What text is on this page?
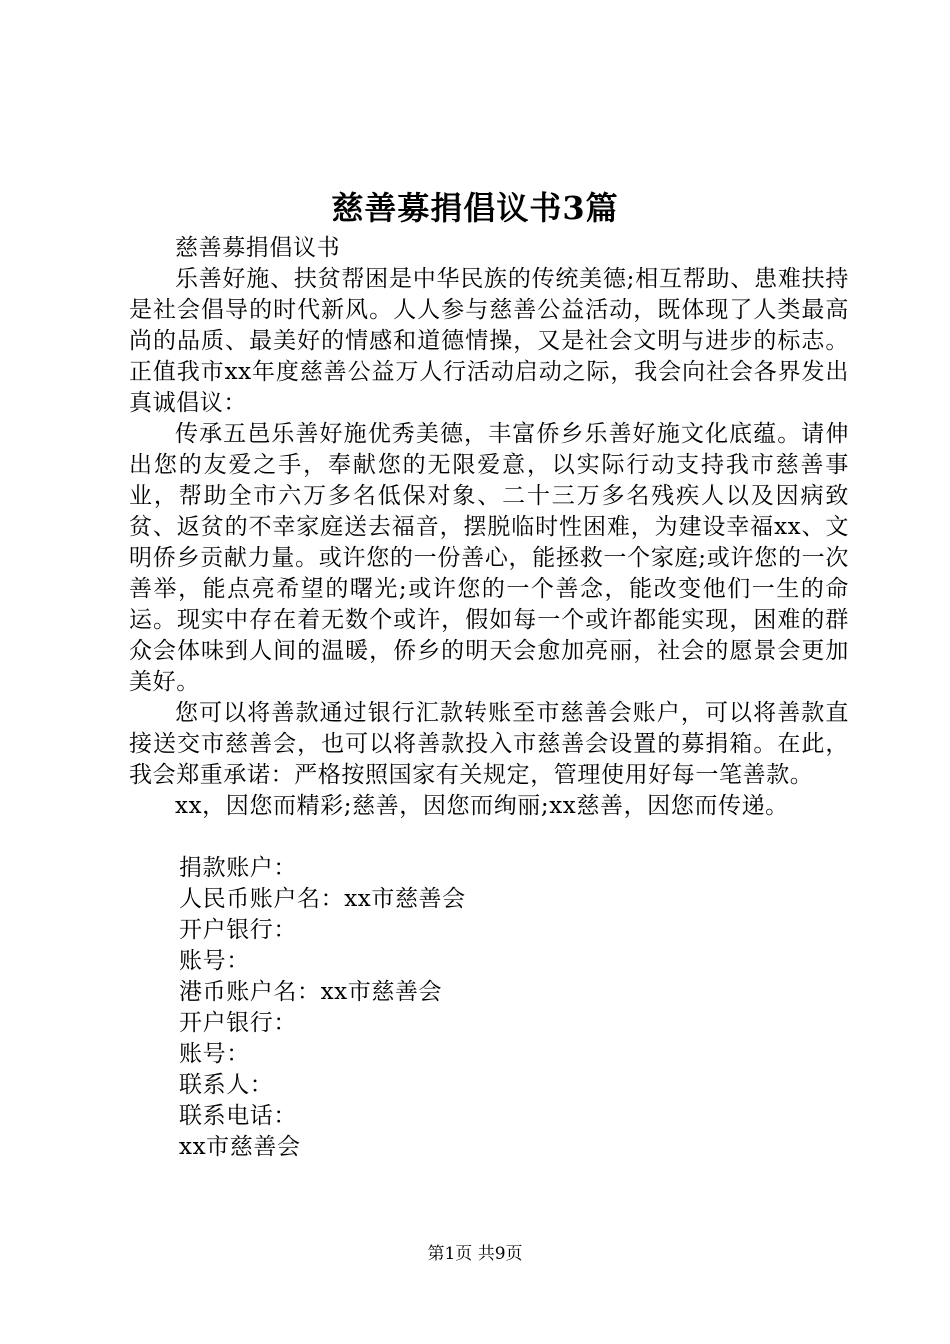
慈善募捐倡议书3篇

慈善募捐倡议书

乐善好施、扶贫帮困是中华民族的传统美德;相互帮助、患难扶持是社会倡导的时代新风。人人参与慈善公益活动，既体现了人类最高尚的品质、最美好的情感和道德情操，又是社会文明与进步的标志。正值我市xx年度慈善公益万人行活动启动之际，我会向社会各界发出真诚倡议：

传承五邑乐善好施优秀美德，丰富侨乡乐善好施文化底蕴。请伸出您的友爱之手，奉献您的无限爱意，以实际行动支持我市慈善事业，帮助全市六万多名低保对象、二十三万多名残疾人以及因病致贫、返贫的不幸家庭送去福音，摆脱临时性困难，为建设幸福xx、文明侨乡贡献力量。或许您的一份善心，能拯救一个家庭;或许您的一次善举，能点亮希望的曙光;或许您的一个善念，能改变他们一生的命运。现实中存在着无数个或许，假如每一个或许都能实现，困难的群众会体味到人间的温暖，侨乡的明天会愈加亮丽，社会的愿景会更加美好。

您可以将善款通过银行汇款转账至市慈善会账户，可以将善款直接送交市慈善会，也可以将善款投入市慈善会设置的募捐箱。在此，我会郑重承诺：严格按照国家有关规定，管理使用好每一笔善款。

xx，因您而精彩;慈善，因您而绚丽;xx慈善，因您而传递。

捐款账户：

人民币账户名：xx市慈善会

开户银行：

账号：

港币账户名：xx市慈善会

开户银行：

账号：

联系人：

联系电话：

xx市慈善会

第1页 共9页
